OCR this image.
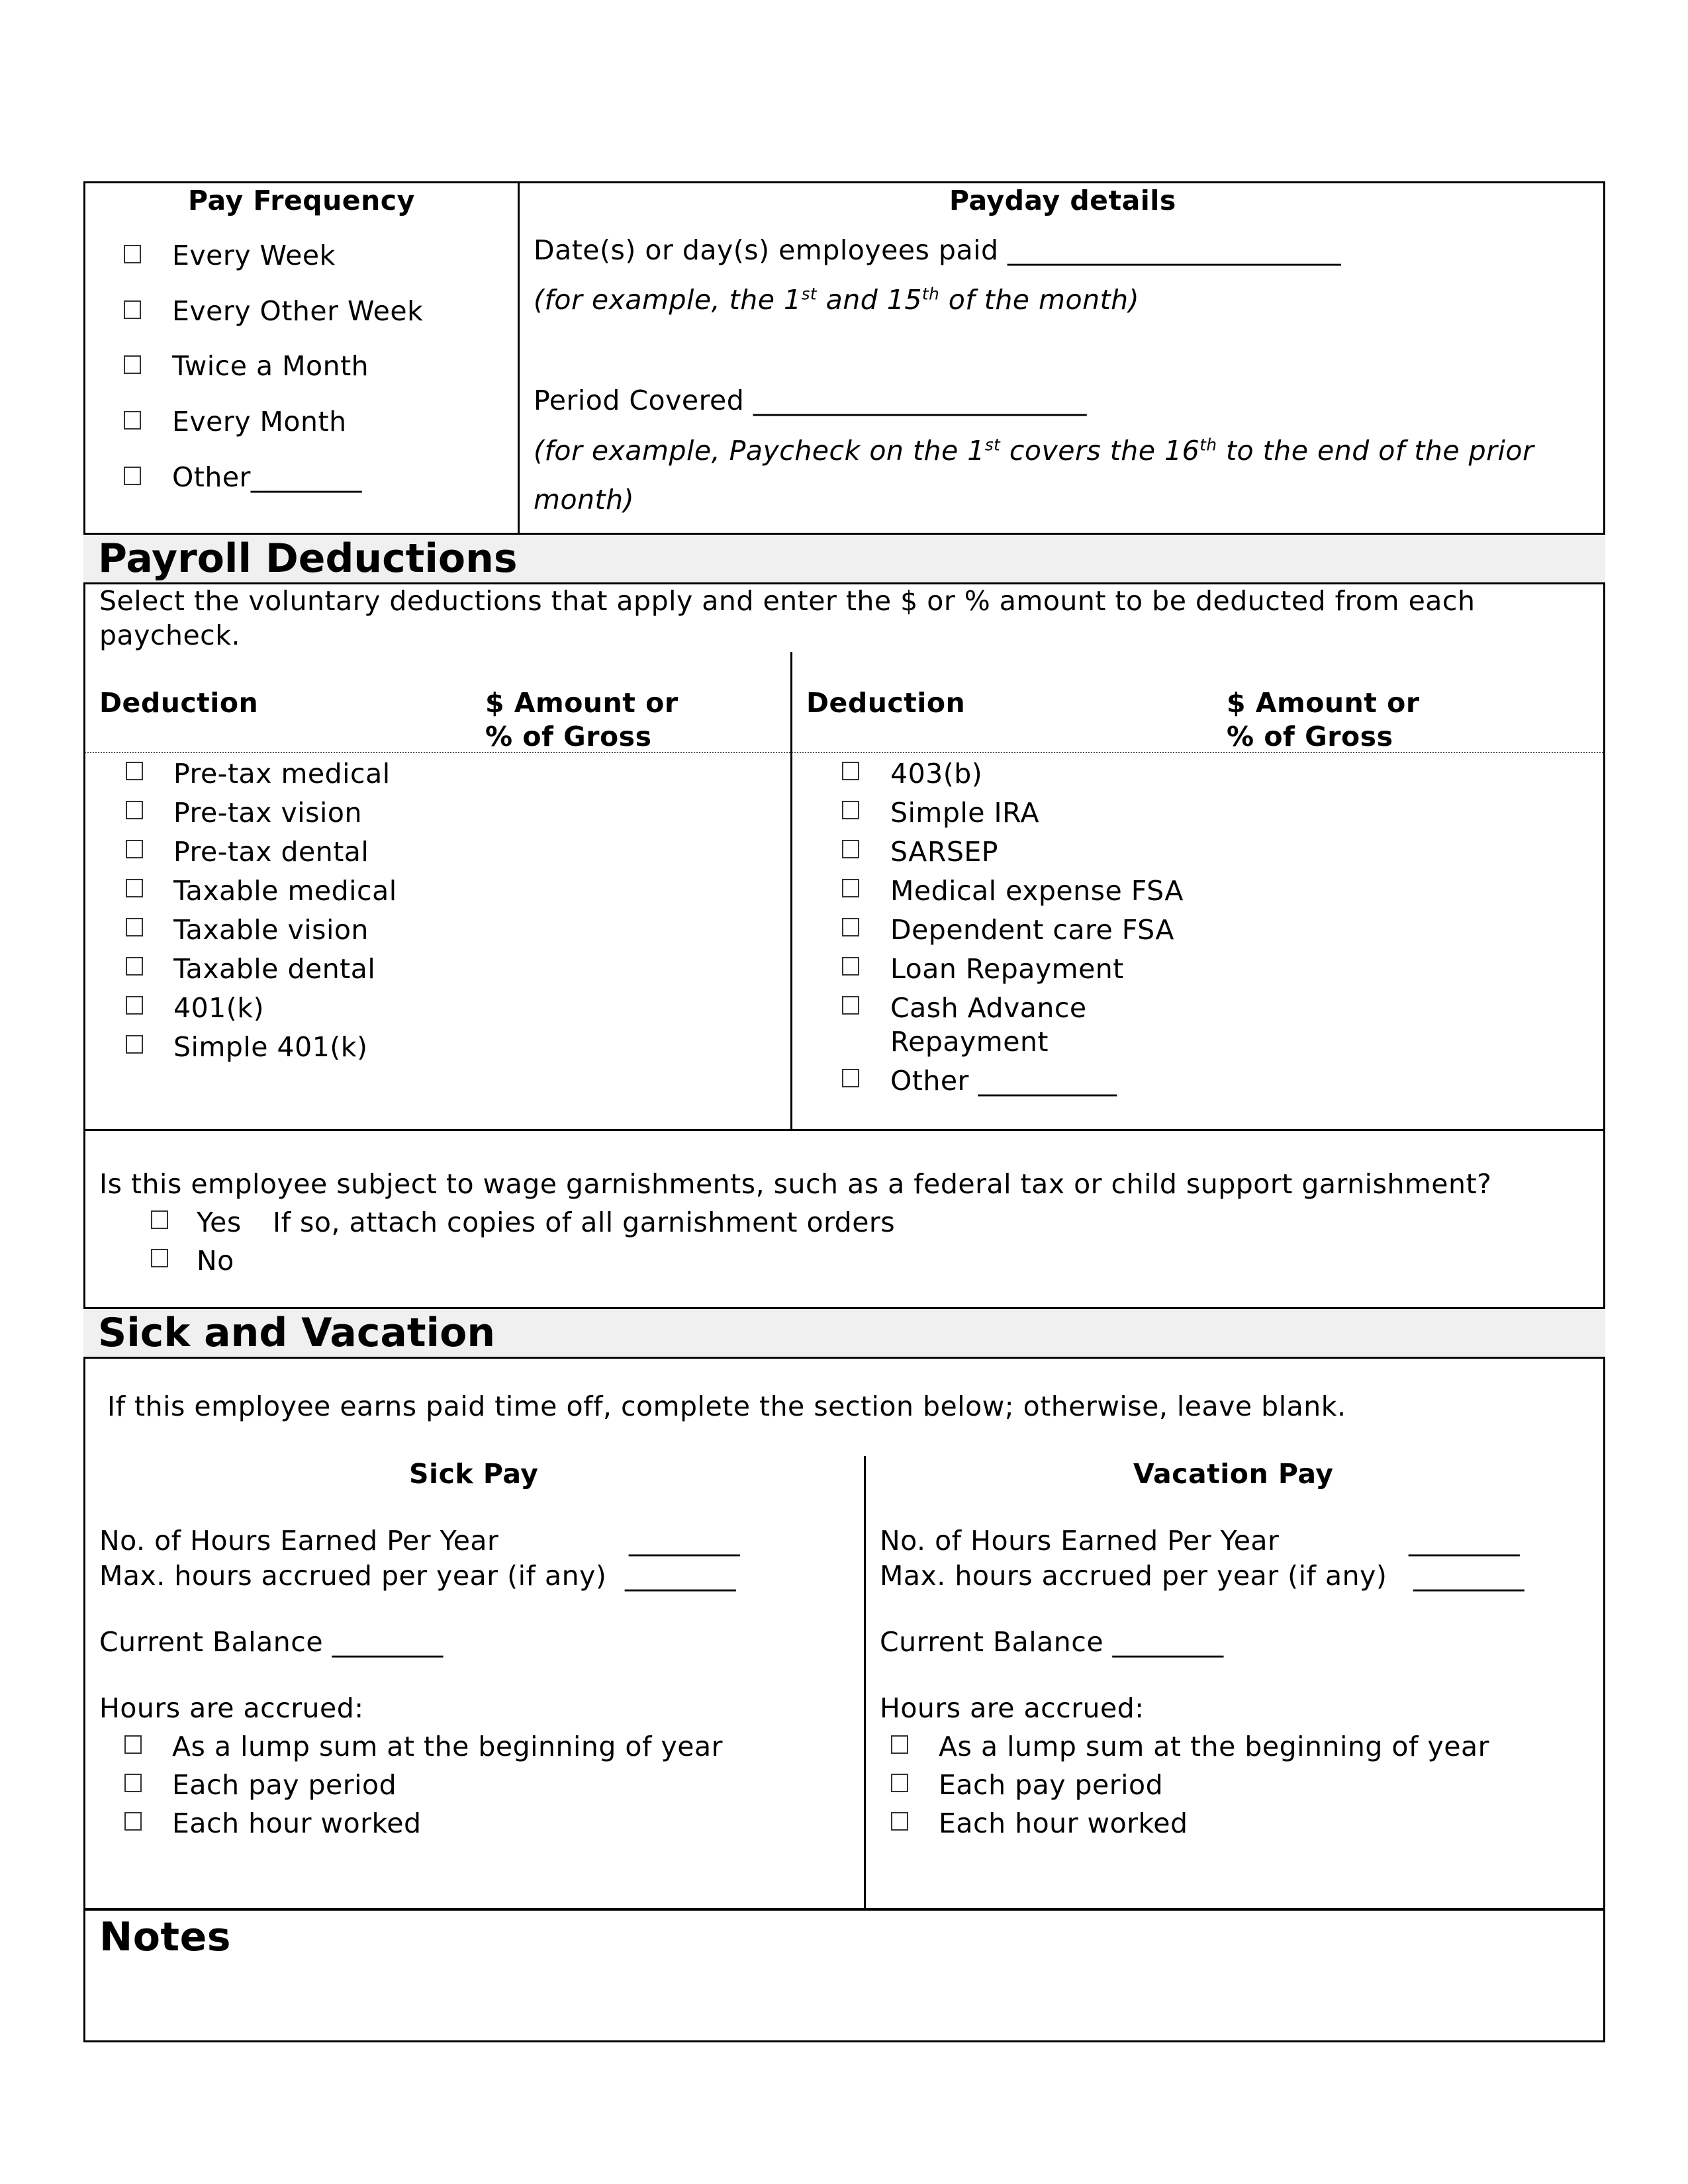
Pay Frequency	Payday details
Every Week
Every Other Week
Twice a Month
Every Month
Other________
Date(s) or day(s) employees paid ________________________
(for example, the 1st and 15th of the month)
Period Covered ________________________
(for example, Paycheck on the 1st covers the 16th to the end of the prior
month)
Payroll Deductions
Select the voluntary deductions that apply and enter the $ or % amount to be deducted from each
paycheck.
Deduction	$ Amount or
% of Gross
Deduction	$ Amount or
% of Gross
Pre-tax medical
Pre-tax vision
Pre-tax dental
Taxable medical
Taxable vision
Taxable dental
401(k)
Simple 401(k)
403(b)
Simple IRA
SARSEP
Medical expense FSA
Dependent care FSA
Loan Repayment
Cash Advance
Repayment
Other __________
Is this employee subject to wage garnishments, such as a federal tax or child support garnishment?
Yes If so, attach copies of all garnishment orders
No
Sick and Vacation
If this employee earns paid time off, complete the section below; otherwise, leave blank.
Sick Pay
No. of Hours Earned Per Year	________
Max. hours accrued per year (if any) ________
Current Balance ________
Hours are accrued:
As a lump sum at the beginning of year
Each pay period
Each hour worked
Vacation Pay
No. of Hours Earned Per Year	________
Max. hours accrued per year (if any) ________
Current Balance ________
Hours are accrued:
As a lump sum at the beginning of year
Each pay period
Each hour worked
Notes
